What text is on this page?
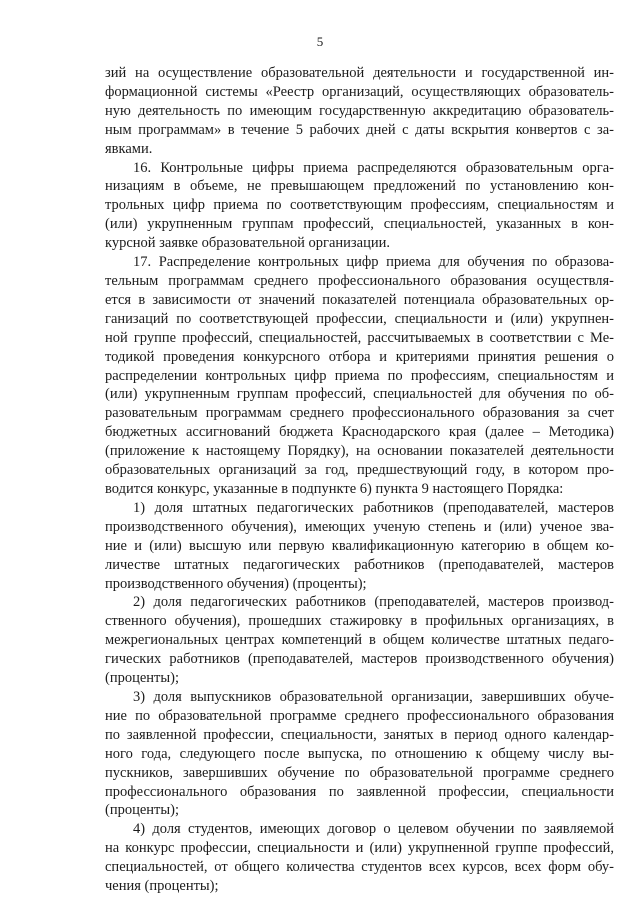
5
зий на осуществление образовательной деятельности и государственной ин-
формационной системы «Реестр организаций, осуществляющих образователь-
ную деятельность по имеющим государственную аккредитацию образователь-
ным программам» в течение 5 рабочих дней с даты вскрытия конвертов с за-
явками.
16. Контрольные цифры приема распределяются образовательным орга-
низациям в объеме, не превышающем предложений по установлению кон-
трольных цифр приема по соответствующим профессиям, специальностям и
(или) укрупненным группам профессий, специальностей, указанных в кон-
курсной заявке образовательной организации.
17. Распределение контрольных цифр приема для обучения по образова-
тельным программам среднего профессионального образования осуществля-
ется в зависимости от значений показателей потенциала образовательных ор-
ганизаций по соответствующей профессии, специальности и (или) укрупнен-
ной группе профессий, специальностей, рассчитываемых в соответствии с Ме-
тодикой проведения конкурсного отбора и критериями принятия решения о
распределении контрольных цифр приема по профессиям, специальностям и
(или) укрупненным группам профессий, специальностей для обучения по об-
разовательным программам среднего профессионального образования за счет
бюджетных ассигнований бюджета Краснодарского края (далее – Методика)
(приложение к настоящему Порядку), на основании показателей деятельности
образовательных организаций за год, предшествующий году, в котором про-
водится конкурс, указанные в подпункте 6) пункта 9 настоящего Порядка:
1) доля штатных педагогических работников (преподавателей, мастеров
производственного обучения), имеющих ученую степень и (или) ученое зва-
ние и (или) высшую или первую квалификационную категорию в общем ко-
личестве штатных педагогических работников (преподавателей, мастеров
производственного обучения) (проценты);
2) доля педагогических работников (преподавателей, мастеров производ-
ственного обучения), прошедших стажировку в профильных организациях, в
межрегиональных центрах компетенций в общем количестве штатных педаго-
гических работников (преподавателей, мастеров производственного обучения)
(проценты);
3) доля выпускников образовательной организации, завершивших обуче-
ние по образовательной программе среднего профессионального образования
по заявленной профессии, специальности, занятых в период одного календар-
ного года, следующего после выпуска, по отношению к общему числу вы-
пускников, завершивших обучение по образовательной программе среднего
профессионального образования по заявленной профессии, специальности
(проценты);
4) доля студентов, имеющих договор о целевом обучении по заявляемой
на конкурс профессии, специальности и (или) укрупненной группе профессий,
специальностей, от общего количества студентов всех курсов, всех форм обу-
чения (проценты);
